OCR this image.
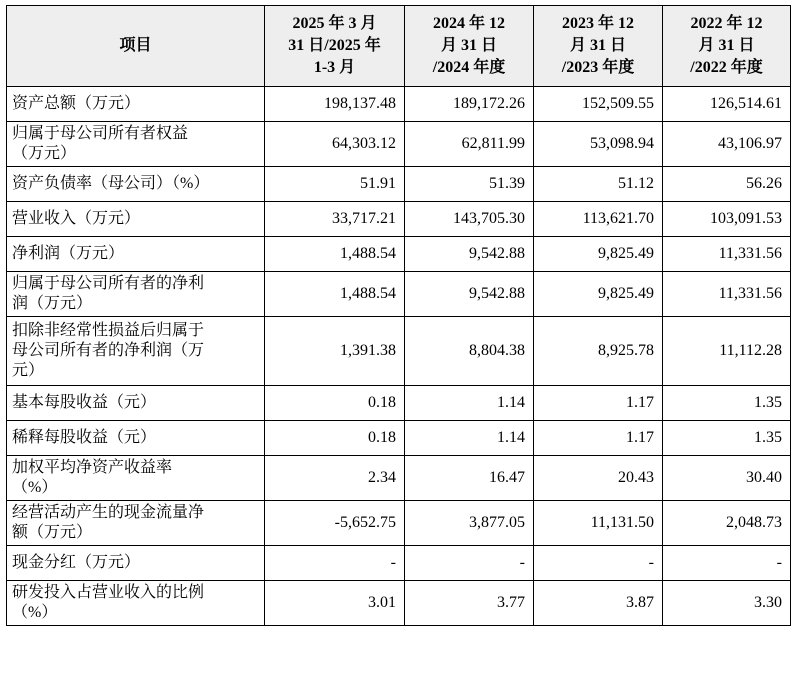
项目	2025 年 3 月
31 日/2025 年
1-3 月	2024 年 12
月 31 日
/2024 年度	2023 年 12
月 31 日
/2023 年度	2022 年 12
月 31 日
/2022 年度
资产总额（万元）	198,137.48	189,172.26	152,509.55	126,514.61
归属于母公司所有者权益
（万元）	64,303.12	62,811.99	53,098.94	43,106.97
资产负债率（母公司）（%）	51.91	51.39	51.12	56.26
营业收入（万元）	33,717.21	143,705.30	113,621.70	103,091.53
净利润（万元）	1,488.54	9,542.88	9,825.49	11,331.56
归属于母公司所有者的净利
润（万元）	1,488.54	9,542.88	9,825.49	11,331.56
扣除非经常性损益后归属于
母公司所有者的净利润（万
元）	1,391.38	8,804.38	8,925.78	11,112.28
基本每股收益（元）	0.18	1.14	1.17	1.35
稀释每股收益（元）	0.18	1.14	1.17	1.35
加权平均净资产收益率
（%）	2.34	16.47	20.43	30.40
经营活动产生的现金流量净
额（万元）	-5,652.75	3,877.05	11,131.50	2,048.73
现金分红（万元）	-	-	-	-
研发投入占营业收入的比例
（%）	3.01	3.77	3.87	3.30
